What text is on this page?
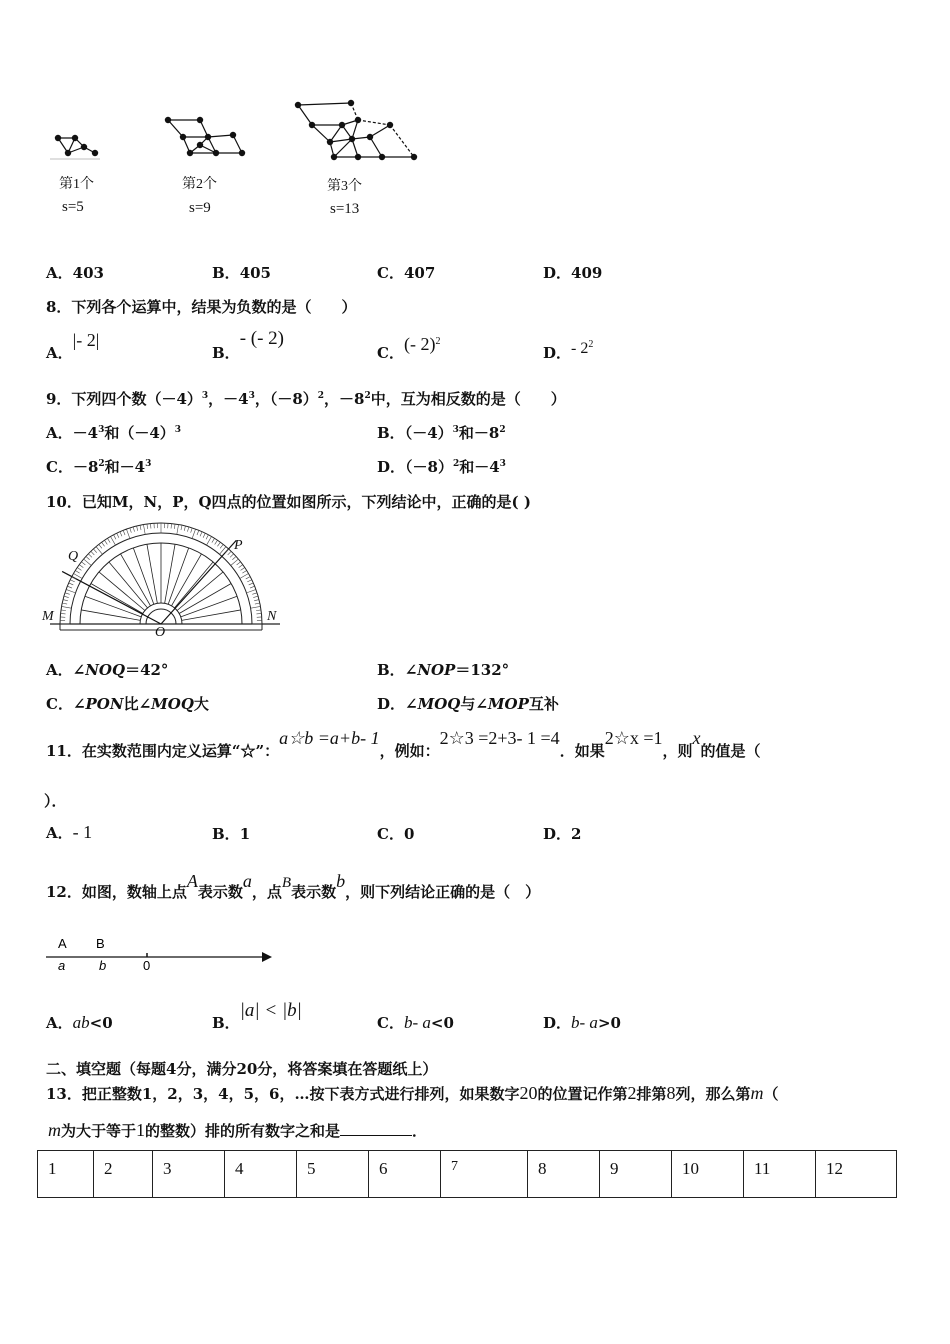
第1个	第2个	第3个
s=5	s=9	s=13
A．403	B．405	C．407	D．409
8．下列各个运算中，结果为负数的是（　　）
A．|- 2|
B．- (- 2)
C．(- 2)$^2$
D．- $2^2$
9．下列四个数$(-4)^3$，$-4^3$，$(-8)^2$，$-8^2$中，互为相反数的是（　　）
A．$-4^3$和$(-4)^3$	B．$(-4)^3$和$-8^2$
C．$-8^2$和$-4^3$	D．$(-8)^2$和$-4^3$
10．已知M，N，P，Q四点的位置如图所示，下列结论中，正确的是( )
M	N
P
Q
O
A．∠NOQ＝42°	B．∠NOP＝132°
C．∠PON比∠MOQ大	D．∠MOQ与∠MOP互补
11．在实数范围内定义运算“☆”：a☆b =a+b- 1，例如：2☆3 =2+3- 1 =4．如果2☆x =1，则x的值是（
）．
A．- 1	B．1	C．0	D．2
12．如图，数轴上点A表示数a，点B表示数b，则下列结论正确的是（　）
A B
a	b	0
A．ab<0	B．|a| < |b|
C．b- a<0	D．b- a>0
二、填空题（每题4分，满分20分，将答案填在答题纸上）
13．把正整数1，2，3，4，5，6，…按下表方式进行排列，如果数字20的位置记作第2排第8列，那么第m（
m为大于等于1的整数）排的所有数字之和是	．
1	2	3	4	5	6	7	8	9	10	11	12
